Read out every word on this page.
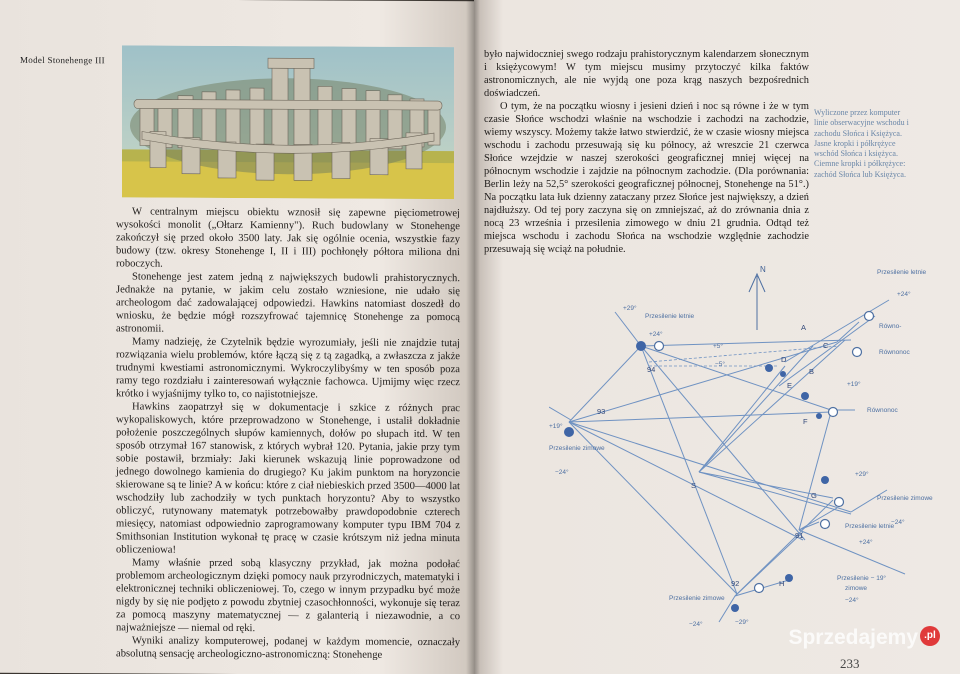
Model Stonehenge III

W centralnym miejscu obiektu wznosił się zapewne pięciometrowej wysokości monolit („Ołtarz Kamienny"). Ruch budowlany w Stonehenge zakończył się przed około 3500 laty. Jak się ogólnie ocenia, wszystkie fazy budowy (tzw. okresy Stonehenge I, II i III) pochłonęły półtora miliona dni roboczych.

Stonehenge jest zatem jedną z największych budowli prahistorycznych. Jednakże na pytanie, w jakim celu zostało wzniesione, nie udało się archeologom dać zadowalającej odpowiedzi. Hawkins natomiast doszedł do wniosku, że będzie mógł rozszyfrować tajemnicę Stonehenge za pomocą astronomii.

Mamy nadzieję, że Czytelnik będzie wyrozumiały, jeśli nie znajdzie tutaj rozwiązania wielu problemów, które łączą się z tą zagadką, a zwłaszcza z jakże trudnymi kwestiami astronomicznymi. Wykroczylibyśmy w ten sposób poza ramy tego rozdziału i zainteresowań wyłącznie fachowca. Ujmijmy więc rzecz krótko i wyjaśnijmy tylko to, co najistotniejsze.

Hawkins zaopatrzył się w dokumentacje i szkice z różnych prac wykopaliskowych, które przeprowadzono w Stonehenge, i ustalił dokładnie położenie poszczególnych słupów kamiennych, dołów po słupach itd. W ten sposób otrzymał 167 stanowisk, z których wybrał 120. Pytania, jakie przy tym sobie postawił, brzmiały: Jaki kierunek wskazują linie poprowadzone od jednego dowolnego kamienia do drugiego? Ku jakim punktom na horyzoncie skierowane są te linie? A w końcu: które z ciał niebieskich przed 3500—4000 lat wschodziły lub zachodziły w tych punktach horyzontu? Aby to wszystko obliczyć, rutynowany matematyk potrzebowałby prawdopodobnie czterech miesięcy, natomiast odpowiednio zaprogramowany komputer typu IBM 704 z Smithsonian Institution wykonał tę pracę w czasie krótszym niż jedna minuta obliczeniowa!

Mamy właśnie przed sobą klasyczny przykład, jak można podołać problemom archeologicznym dzięki pomocy nauk przyrodniczych, matematyki i elektronicznej techniki obliczeniowej. To, czego w innym przypadku być może nigdy by się nie podjęto z powodu zbytniej czasochłonności, wykonuje się teraz za pomocą maszyny matematycznej — z galanterią i niezawodnie, a co najważniejsze — niemal od ręki.

Wyniki analizy komputerowej, podanej w każdym momencie, oznaczały absolutną sensację archeologiczno-astronomiczną: Stonehenge

było najwidoczniej swego rodzaju prahistorycznym kalendarzem słonecznym i księżycowym! W tym miejscu musimy przytoczyć kilka faktów astronomicznych, ale nie wyjdą one poza krąg naszych bezpośrednich doświadczeń.

O tym, że na początku wiosny i jesieni dzień i noc są równe i że w tym czasie Słońce wschodzi właśnie na wschodzie i zachodzi na zachodzie, wiemy wszyscy. Możemy także łatwo stwierdzić, że w czasie wiosny miejsca wschodu i zachodu przesuwają się ku północy, aż wreszcie 21 czerwca Słońce wzejdzie w naszej szerokości geograficznej mniej więcej na północnym wschodzie i zajdzie na północnym zachodzie. (Dla porównania: Berlin leży na 52,5° szerokości geograficznej północnej, Stonehenge na 51°.) Na początku lata łuk dzienny zataczany przez Słońce jest największy, a dzień najdłuższy. Od tej pory zaczyna się on zmniejszać, aż do zrównania dnia z nocą 23 września i przesilenia zimowego w dniu 21 grudnia. Odtąd też miejsca wschodu i zachodu Słońca na wschodzie względnie zachodzie przesuwają się wciąż na południe.

Wyliczone przez komputer linie obserwacyjne wschodu i zachodu Słońca i Księżyca. Jasne kropki i półkrężyce wschód Słońca i księżyca. Ciemne kropki i półkrężyce: zachód Słońca lub Księżyca.
N
+29°
Przesilenie letnie
+24°
+19°
Przesilenie zimowe
−24°
Przesilenie letnie
+24°
Równo-
Równonoc
+5°
−5°
+19°
Równonoc
+29°
Przesilenie zimowe
−24°
Przesilenie letnie
+24°
Przesilenie − 19°
zimowe
−24°
Przesilenie zimowe
−24°	−29°
94
93
92
91
A
B
C
D
E
F
G
H
S
233
Sprzedajemy .pl
